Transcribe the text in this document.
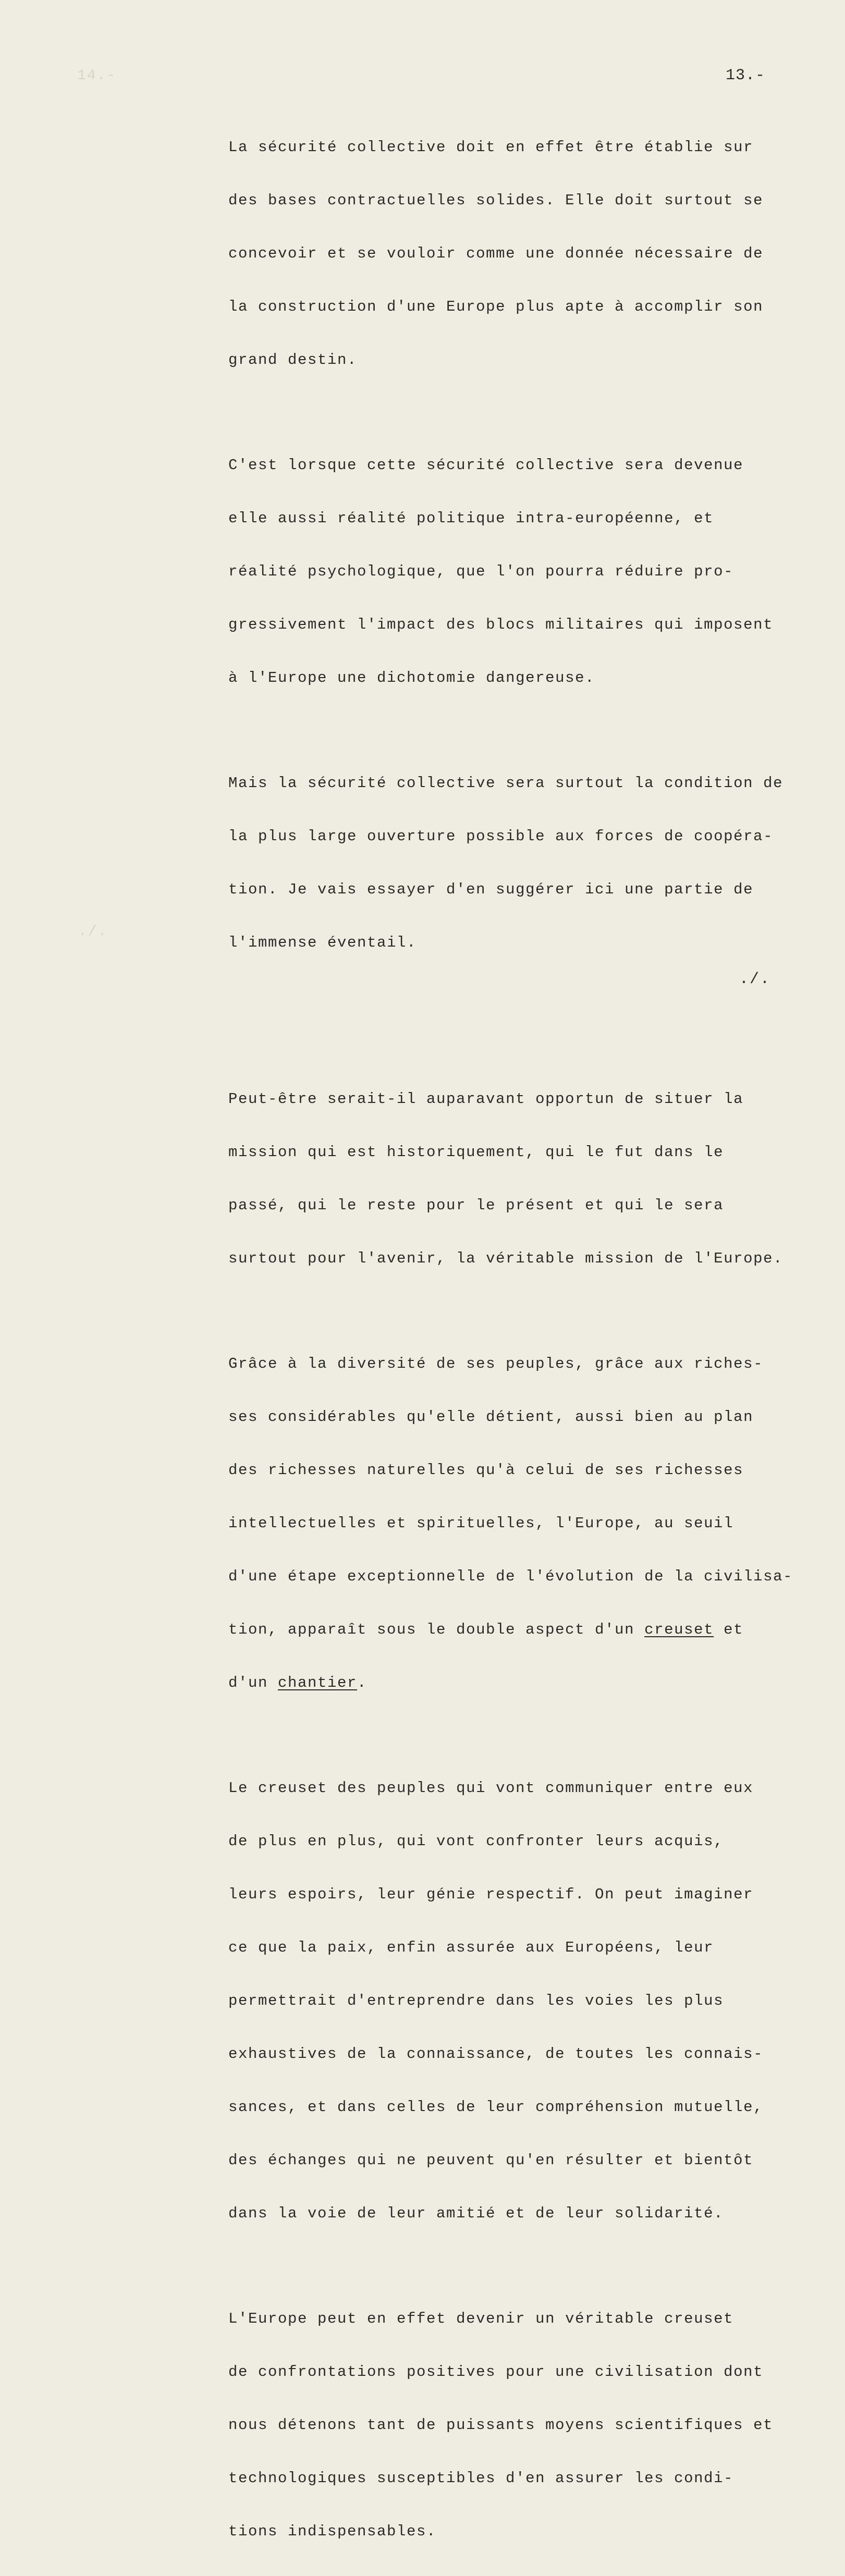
14.-
./.
13.-

La sécurité collective doit en effet être établie sur

des bases contractuelles solides. Elle doit surtout se

concevoir et se vouloir comme une donnée nécessaire de

la construction d'une Europe plus apte à accomplir son

grand destin.

C'est lorsque cette sécurité collective sera devenue

elle aussi réalité politique intra-européenne, et

réalité psychologique, que l'on pourra réduire pro-

gressivement l'impact des blocs militaires qui imposent

à l'Europe une dichotomie dangereuse.

Mais la sécurité collective sera surtout la condition de

la plus large ouverture possible aux forces de coopéra-

tion. Je vais essayer d'en suggérer ici une partie de

l'immense éventail.

Peut-être serait-il auparavant opportun de situer la

mission qui est historiquement, qui le fut dans le

passé, qui le reste pour le présent et qui le sera

surtout pour l'avenir, la véritable mission de l'Europe.

Grâce à la diversité de ses peuples, grâce aux riches-

ses considérables qu'elle détient, aussi bien au plan

des richesses naturelles qu'à celui de ses richesses

intellectuelles et spirituelles, l'Europe, au seuil

d'une étape exceptionnelle de l'évolution de la civilisa-

tion, apparaît sous le double aspect d'un creuset et

d'un chantier.

Le creuset des peuples qui vont communiquer entre eux

de plus en plus, qui vont confronter leurs acquis,

leurs espoirs, leur génie respectif. On peut imaginer

ce que la paix, enfin assurée aux Européens, leur

permettrait d'entreprendre dans les voies les plus

exhaustives de la connaissance, de toutes les connais-

sances, et dans celles de leur compréhension mutuelle,

des échanges qui ne peuvent qu'en résulter et bientôt

dans la voie de leur amitié et de leur solidarité.

L'Europe peut en effet devenir un véritable creuset

de confrontations positives pour une civilisation dont

nous détenons tant de puissants moyens scientifiques et

technologiques susceptibles d'en assurer les condi-

tions indispensables.

./.
